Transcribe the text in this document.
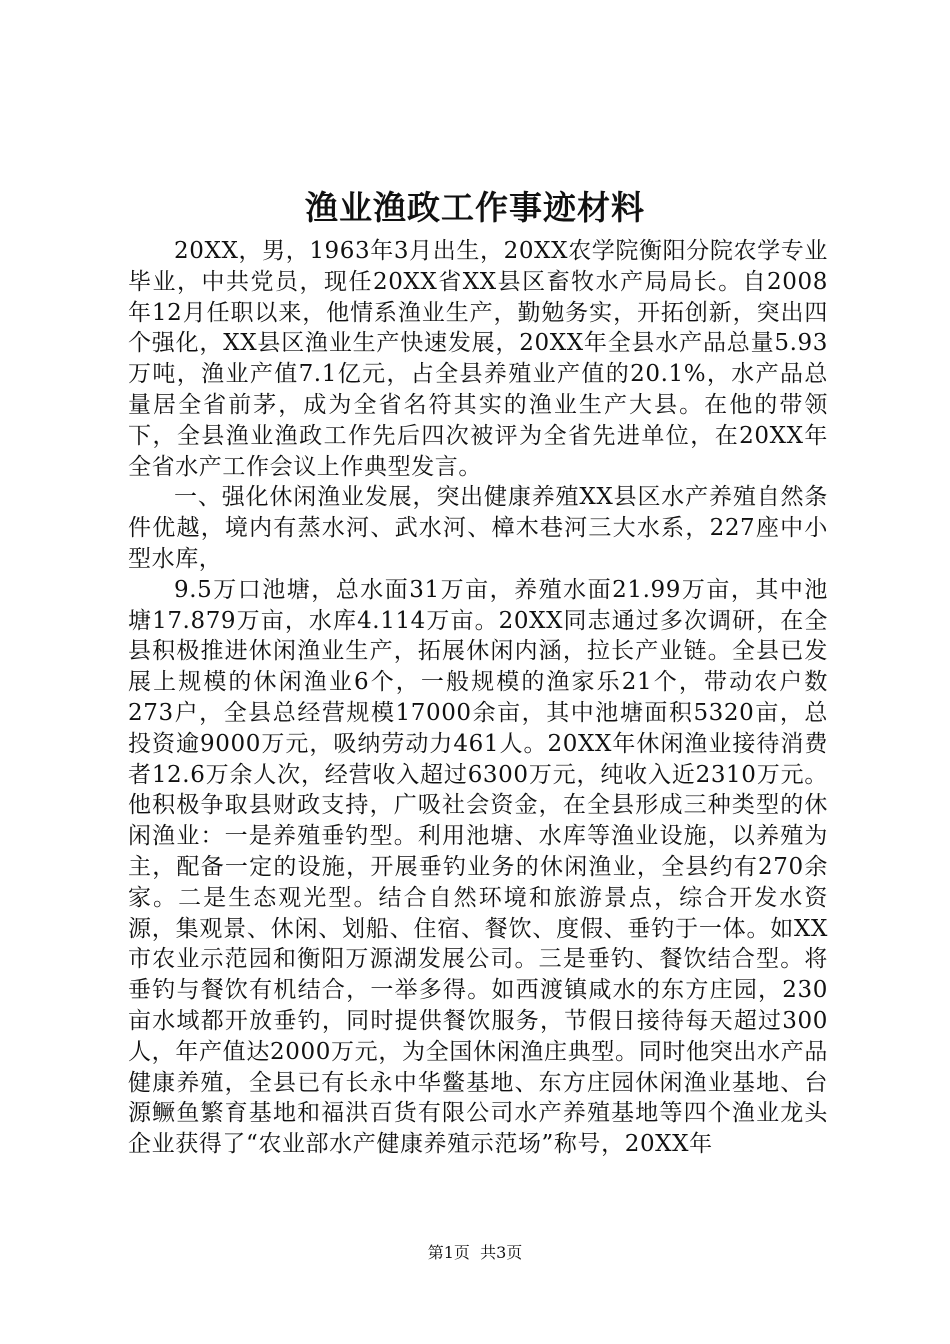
渔业渔政工作事迹材料

20XX，男，1963年3月出生，20XX农学院衡阳分院农学专业毕业，中共党员，现任20XX省XX县区畜牧水产局局长。自2008年12月任职以来，他情系渔业生产，勤勉务实，开拓创新，突出四个强化，XX县区渔业生产快速发展，20XX年全县水产品总量5.93万吨，渔业产值7.1亿元，占全县养殖业产值的20.1%，水产品总量居全省前茅，成为全省名符其实的渔业生产大县。在他的带领下，全县渔业渔政工作先后四次被评为全省先进单位，在20XX年全省水产工作会议上作典型发言。

一、强化休闲渔业发展，突出健康养殖XX县区水产养殖自然条件优越，境内有蒸水河、武水河、樟木巷河三大水系，227座中小型水库，

9.5万口池塘，总水面31万亩，养殖水面21.99万亩，其中池塘17.879万亩，水库4.114万亩。20XX同志通过多次调研，在全县积极推进休闲渔业生产，拓展休闲内涵，拉长产业链。全县已发展上规模的休闲渔业6个，一般规模的渔家乐21个，带动农户数273户，全县总经营规模17000余亩，其中池塘面积5320亩，总投资逾9000万元，吸纳劳动力461人。20XX年休闲渔业接待消费者12.6万余人次，经营收入超过6300万元，纯收入近2310万元。他积极争取县财政支持，广吸社会资金，在全县形成三种类型的休闲渔业：一是养殖垂钓型。利用池塘、水库等渔业设施，以养殖为主，配备一定的设施，开展垂钓业务的休闲渔业，全县约有270余家。二是生态观光型。结合自然环境和旅游景点，综合开发水资源，集观景、休闲、划船、住宿、餐饮、度假、垂钓于一体。如XX市农业示范园和衡阳万源湖发展公司。三是垂钓、餐饮结合型。将垂钓与餐饮有机结合，一举多得。如西渡镇咸水的东方庄园，230亩水域都开放垂钓，同时提供餐饮服务，节假日接待每天超过300人，年产值达2000万元，为全国休闲渔庄典型。同时他突出水产品健康养殖，全县已有长永中华鳖基地、东方庄园休闲渔业基地、台源鳜鱼繁育基地和福洪百货有限公司水产养殖基地等四个渔业龙头企业获得了“农业部水产健康养殖示范场”称号，20XX年

第1页 共3页
